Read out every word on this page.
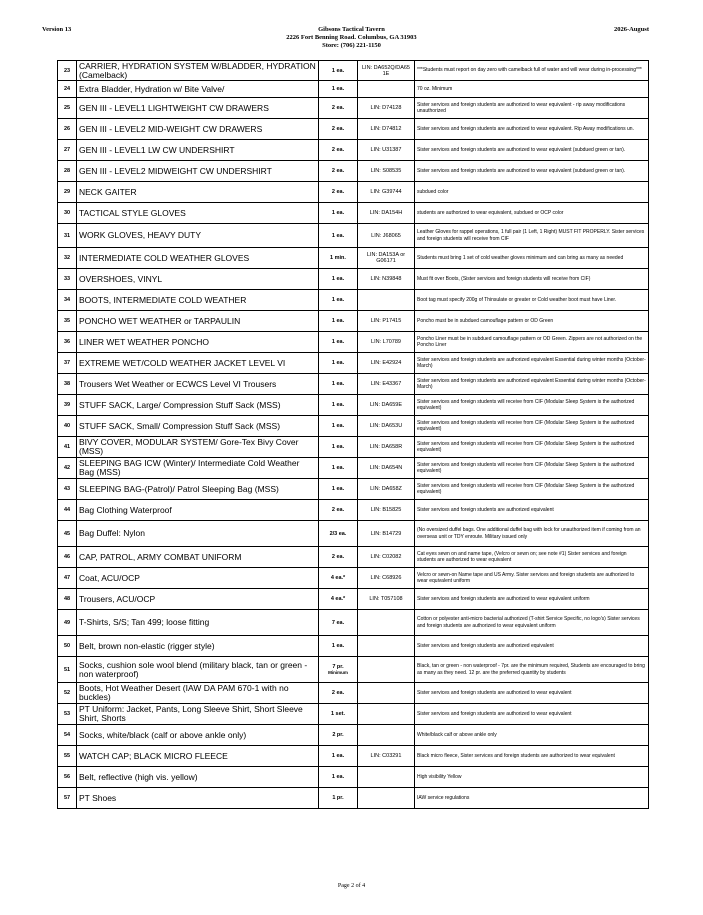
Version 13	Gibsons Tactical Tavern
2226 Fort Benning Road. Columbus, GA 31903
Store: (706) 221-1150
2026-August
23	CARRIER, HYDRATION SYSTEM W/BLADDER, HYDRATION (Camelback)	1 ea.	LIN: DA652Q/DA65 1E	***Students must report on day zero with camelback full of water and will wear during in-processing***
24	Extra Bladder, Hydration w/ Bite Valve/	1 ea.		70 oz. Minimum
25	GEN III - LEVEL1 LIGHTWEIGHT CW DRAWERS	2 ea.	LIN: D74128	Sister services and foreign students are authorized to wear equivalent - rip away modifications unauthorized
26	GEN III - LEVEL2 MID-WEIGHT CW DRAWERS	2 ea.	LIN: D74812	Sister services and foreign students are authorized to wear equivalent. Rip Away modifications un.
27	GEN III - LEVEL1 LW CW UNDERSHIRT	2 ea.	LIN: U31387	Sister services and foreign students are authorized to wear equivalent (subdued green or tan).
28	GEN III - LEVEL2 MIDWEIGHT CW UNDERSHIRT	2 ea.	LIN: S08535	Sister services and foreign students are authorized to wear equivalent (subdued green or tan).
29	NECK GAITER	2 ea.	LIN: G39744	subdued color
30	TACTICAL STYLE GLOVES	1 ea.	LIN: DA154H	students are authorized to wear equivalent, subdued or OCP color
31	WORK GLOVES, HEAVY DUTY	1 ea.	LIN: J68065	Leather Gloves for rappel operations, 1 full pair (1 Left, 1 Right) MUST FIT PROPERLY. Sister services and foreign students will receive from CIF
32	INTERMEDIATE COLD WEATHER GLOVES	1 min.	LIN: DA153A or G06171	Students must bring 1 set of cold weather gloves minimum and can bring as many as needed
33	OVERSHOES, VINYL	1 ea.	LIN: N39848	Must fit over Boots, (Sister services and foreign students will receive from CIF)
34	BOOTS, INTERMEDIATE COLD WEATHER	1 ea.		Boot tag must specify 200g of Thinsulate or greater or Cold weather boot must have Liner.
35	PONCHO WET WEATHER or TARPAULIN	1 ea.	LIN: P17415	Poncho must be in subdued camouflage pattern or OD Green
36	LINER WET WEATHER PONCHO	1 ea.	LIN: L70789	Poncho Liner must be in subdued camouflage pattern or OD Green. Zippers are not authorized on the Poncho Liner
37	EXTREME WET/COLD WEATHER JACKET LEVEL VI	1 ea.	LIN: E42924	Sister services and foreign students are authorized equivalent Essential during winter months (October-March)
38	Trousers Wet Weather or ECWCS Level VI Trousers	1 ea.	LIN: E43367	Sister services and foreign students are authorized equivalent Essential during winter months (October-March)
39	STUFF SACK, Large/ Compression Stuff Sack (MSS)	1 ea.	LIN: DA659E	Sister services and foreign students will receive from CIF (Modular Sleep System is the authorized equivalent)
40	STUFF SACK, Small/ Compression Stuff Sack (MSS)	1 ea.	LIN: DA653U	Sister services and foreign students will receive from CIF (Modular Sleep System is the authorized equivalent)
41	BIVY COVER, MODULAR SYSTEM/ Gore-Tex Bivy Cover (MSS)	1 ea.	LIN: DA658R	Sister services and foreign students will receive from CIF (Modular Sleep System is the authorized equivalent)
42	SLEEPING BAG ICW (Winter)/ Intermediate Cold Weather Bag (MSS)	1 ea.	LIN: DA654N	Sister services and foreign students will receive from CIF (Modular Sleep System is the authorized equivalent)
43	SLEEPING BAG-(Patrol)/ Patrol Sleeping Bag (MSS)	1 ea.	LIN: DA658Z	Sister services and foreign students will receive from CIF (Modular Sleep System is the authorized equivalent)
44	Bag Clothing Waterproof	2 ea.	LIN: B15825	Sister services and foreign students are authorized equivalent
45	Bag Duffel: Nylon	2/3 ea.	LIN: B14729	(No oversized duffel bags. One additional duffel bag with lock for unauthorized item if coming from an overseas unit or TDY enroute. Military issued only
46	CAP, PATROL, ARMY COMBAT UNIFORM	2 ea.	LIN: C02082	Cat eyes sewn on and name tape, (Velcro or sewn on; see note #1) Sister services and foreign students are authorized to wear equivalent
47	Coat, ACU/OCP	4 ea.*	LIN: C68926	Velcro or sewn-on Name tape and US Army. Sister services and foreign students are authorized to wear equivalent uniform
48	Trousers, ACU/OCP	4 ea.*	LIN: T057108	Sister services and foreign students are authorized to wear equivalent uniform
49	T-Shirts, S/S; Tan 499; loose fitting	7 ea.		Cotton or polyester anti-micro bacterial authorized (T-shirt Service Specific, no logo's) Sister services and foreign students are authorized to wear equivalent uniform
50	Belt, brown non-elastic (rigger style)	1 ea.		Sister services and foreign students are authorized equivalent
51	Socks, cushion sole wool blend (military black, tan or green - non waterproof)	7 pr.
Minimum		Black, tan or green - non waterproof - 7pr. are the minimum required, Students are encouraged to bring as many as they need. 12 pr. are the preferred quantity by students
52	Boots, Hot Weather Desert (IAW DA PAM 670-1 with no buckles)	2 ea.		Sister services and foreign students are authorized to wear equivalent
53	PT Uniform: Jacket, Pants, Long Sleeve Shirt, Short Sleeve Shirt, Shorts	1 set.		Sister services and foreign students are authorized to wear equivalent
54	Socks, white/black (calf or above ankle only)	2 pr.		White/black calf or above ankle only
55	WATCH CAP; BLACK MICRO FLEECE	1 ea.	LIN: C03291	Black micro fleece, Sister services and foreign students are authorized to wear equivalent
56	Belt, reflective (high vis. yellow)	1 ea.		High visibility Yellow
57	PT Shoes	1 pr.		IAW service regulations
Page 2 of 4
